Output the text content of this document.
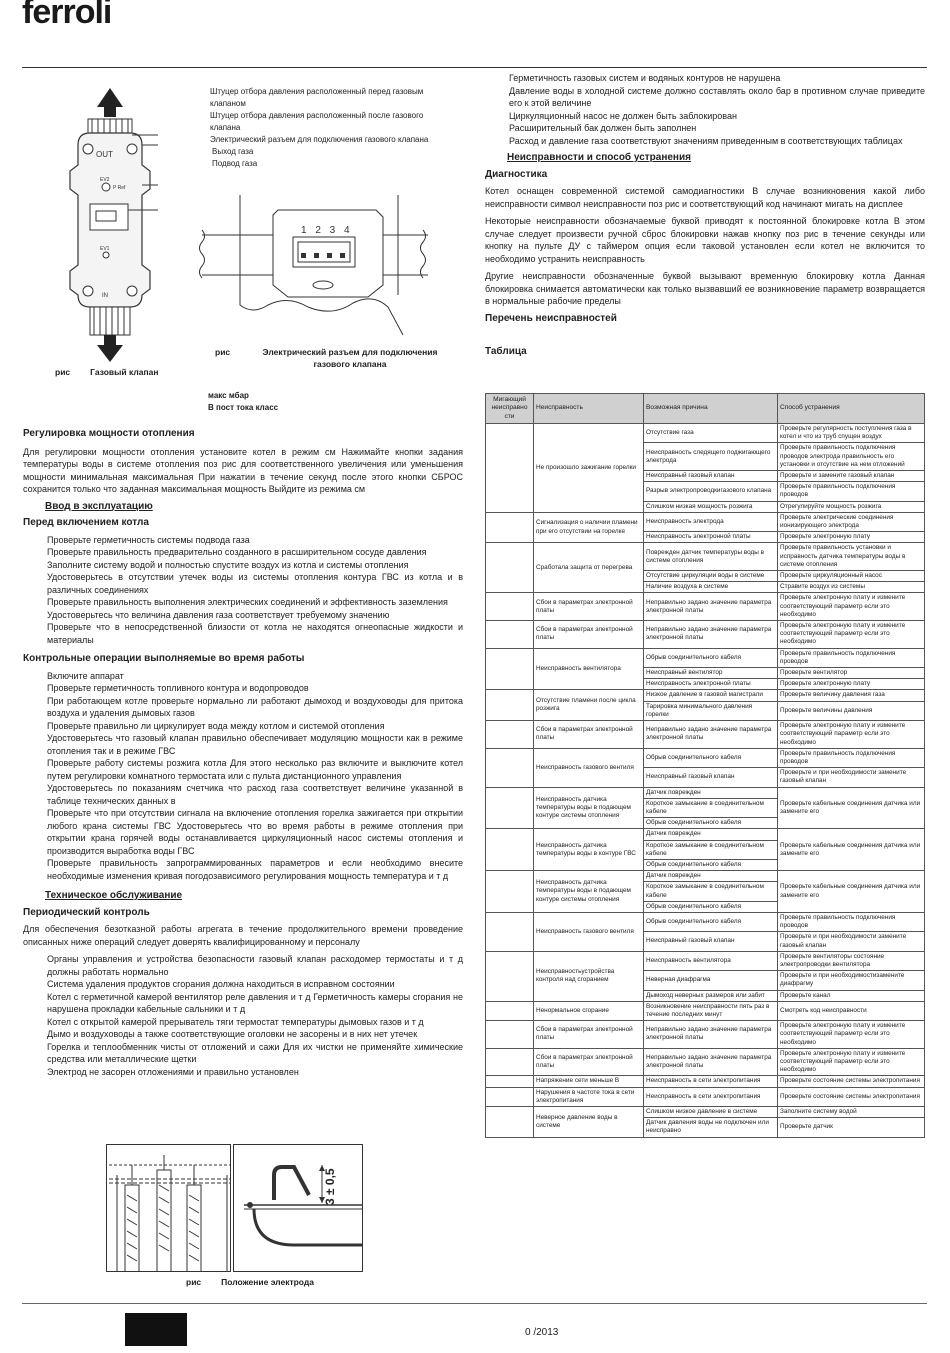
ferroli
OUT
EV2
P Ref
EV1
IN
рис Газовый клапан
Штуцер отбора давления расположенный перед газовым клапаном
Штуцер отбора давления расположенный после газового клапана
Электрический разъем для подключения газового клапана
Выход газа
Подвод газа
1 2 3 4
рис	Электрический разъем для подключения газового клапана
макс мбар
В пост тока класс
Регулировка мощности отопления
Для регулировки мощности отопления установите котел в режим см Нажимайте кнопки задания температуры воды в системе отопления поз рис для соответственного увеличения или уменьшения мощности минимальная максимальная При нажатии в течение секунд после этого кнопки СБРОС сохранится только что заданная максимальная мощность Выйдите из режима см
Ввод в эксплуатацию
Перед включением котла
Проверьте герметичность системы подвода газа
Проверьте правильность предварительно созданного в расширительном сосуде давления
Заполните систему водой и полностью спустите воздух из котла и системы отопления
Удостоверьтесь в отсутствии утечек воды из системы отопления контура ГВС из котла и в различных соединениях
Проверьте правильность выполнения электрических соединений и эффективность заземления
Удостоверьтесь что величина давления газа соответствует требуемому значению
Проверьте что в непосредственной близости от котла не находятся огнеопасные жидкости и материалы
Контрольные операции выполняемые во время работы
Включите аппарат
Проверьте герметичность топливного контура и водопроводов
При работающем котле проверьте нормально ли работают дымоход и воздуховоды для притока воздуха и удаления дымовых газов
Проверьте правильно ли циркулирует вода между котлом и системой отопления
Удостоверьтесь что газовый клапан правильно обеспечивает модуляцию мощности как в режиме отопления так и в режиме ГВС
Проверьте работу системы розжига котла Для этого несколько раз включите и выключите котел путем регулировки комнатного термостата или с пульта дистанционного управления
Удостоверьтесь по показаниям счетчика что расход газа соответствует величине указанной в таблице технических данных в
Проверьте что при отсутствии сигнала на включение отопления горелка зажигается при открытии любого крана системы ГВС Удостоверьтесь что во время работы в режиме отопления при открытии крана горячей воды останавливается циркуляционный насос системы отопления и производится выработка воды ГВС
Проверьте правильность запрограммированных параметров и если необходимо внесите необходимые изменения кривая погодозависимого регулирования мощность температура и т д
Техническое обслуживание
Периодический контроль
Для обеспечения безотказной работы агрегата в течение продолжительного времени проведение описанных ниже операций следует доверять квалифицированному и персоналу
Органы управления и устройства безопасности газовый клапан расходомер термостаты и т д должны работать нормально
Система удаления продуктов сгорания должна находиться в исправном состоянии
Котел с герметичной камерой вентилятор реле давления и т д Герметичность камеры сгорания не нарушена прокладки кабельные сальники и т д
Котел с открытой камерой прерыватель тяги термостат температуры дымовых газов и т д
Дымо и воздуховоды а также соответствующие оголовки не засорены и в них нет утечек
Горелка и теплообменник чисты от отложений и сажи Для их чистки не применяйте химические средства или металлические щетки
Электрод не засорен отложениями и правильно установлен
3 ± 0,5
рис Положение электрода
Герметичность газовых систем и водяных контуров не нарушена
Давление воды в холодной системе должно составлять около бар в противном случае приведите его к этой величине
Циркуляционный насос не должен быть заблокирован
Расширительный бак должен быть заполнен
Расход и давление газа соответствуют значениям приведенным в соответствующих таблицах
Неисправности и способ устранения
Диагностика
Котел оснащен современной системой самодиагностики В случае возникновения какой либо неисправности символ неисправности поз рис и соответствующий код начинают мигать на дисплее
Некоторые неисправности обозначаемые буквой приводят к постоянной блокировке котла В этом случае следует произвести ручной сброс блокировки нажав кнопку поз рис в течение секунды или кнопку на пульте ДУ с таймером опция если таковой установлен если котел не включится то необходимо устранить неисправность
Другие неисправности обозначенные буквой вызывают временную блокировку котла Данная блокировка снимается автоматически как только вызвавший ее возникновение параметр возвращается в нормальные рабочие пределы
Перечень неисправностей
Таблица
Мигающий неисправно сти	Неисправность	Возможная причина	Способ устранения
	Не произошло зажигание горелки	Отсутствие газа	Проверьте регулярность поступления газа в котел и что из труб спущен воздух
		Неисправность следящего поджигающего электрода	Проверьте правильность подключения проводов электрода правильность его установки и отсутствие на нем отложений
		Неисправный газовый клапан	Проверьте и замените газовый клапан
		Разрыв электропроводкигазового клапана	Проверьте правильность подключения проводов
		Слишком низкая мощность розжига	Отрегулируйте мощность розжига
	Сигнализация о наличии пламени при его отсутствии на горелке	Неисправность электрода	Проверьте электрические соединения ионизирующего электрода
		Неисправность электронной платы	Проверьте электронную плату
	Сработала защита от перегрева	Поврежден датчик температуры воды в системе отопления	Проверьте правильность установки и исправность датчика температуры воды в системе отопления
		Отсутствие циркуляции воды в системе	Проверьте циркуляционный насос
		Наличие воздуха в системе	Стравите воздух из системы
	Сбои в параметрах электронной платы	Неправильно задано значение параметра электронной платы	Проверьте электронную плату и измените соответствующий параметр если это необходимо
	Сбои в параметрах электронной платы	Неправильно задано значение параметра электронной платы	Проверьте электронную плату и измените соответствующий параметр если это необходимо
	Неисправность вентилятора	Обрыв соединительного кабеля	Проверьте правильность подключения проводов
		Неисправный вентилятор	Проверьте вентилятор
		Неисправность электронной платы	Проверьте электронную плату
	Отсутствие пламени после цикла розжига	Низкое давление в газовой магистрали	Проверьте величину давления газа
		Тарировка минимального давления горелки	Проверьте величины давления
	Сбои в параметрах электронной платы	Неправильно задано значение параметра электронной платы	Проверьте электронную плату и измените соответствующий параметр если это необходимо
	Неисправность газового вентиля	Обрыв соединительного кабеля	Проверьте правильность подключения проводов
		Неисправный газовый клапан	Проверьте и при необходимости замените газовый клапан
	Неисправность датчика температуры воды в подающем контуре системы отопления	Датчик поврежден	Проверьте кабельные соединения датчика или замените его
		Короткое замыкание в соединительном кабеле	
		Обрыв соединительного кабеля	
	Неисправность датчика температуры воды в контуре ГВС	Датчик поврежден	Проверьте кабельные соединения датчика или замените его
		Короткое замыкание в соединительном кабеле	
		Обрыв соединительного кабеля	
	Неисправность датчика температуры воды в подающем контуре системы отопления	Датчик поврежден	Проверьте кабельные соединения датчика или замените его
		Короткое замыкание в соединительном кабеле	
		Обрыв соединительного кабеля	
	Неисправность газового вентиля	Обрыв соединительного кабеля	Проверьте правильность подключения проводов
		Неисправный газовый клапан	Проверьте и при необходимости замените газовый клапан
	Неисправностьустройства контроля над сгоранием	Неисправность вентилятора	Проверьте вентиляторы состояние электропроводки вентилятора
		Неверная диафрагма	Проверьте и при необходимостизамените диафрагму
		Дымоход неверных размеров или забит	Проверьте канал
	Ненормальное сгорание	Возникновение неисправности пять раз в течение последних минут	Смотреть код неисправности
	Сбои в параметрах электронной платы	Неправильно задано значение параметра электронной платы	Проверьте электронную плату и измените соответствующий параметр если это необходимо
	Сбои в параметрах электронной платы	Неправильно задано значение параметра электронной платы	Проверьте электронную плату и измените соответствующий параметр если это необходимо
	Напряжение сети меньше В	Неисправность в сети электропитания	Проверьте состояние системы электропитания
	Нарушения в частоте тока в сети электропитания	Неисправность в сети электропитания	Проверьте состояние системы электропитания
	Неверное давление воды в системе	Слишком низкое давление в системе	Заполните систему водой
		Датчик давления воды не подключен или неисправно	Проверьте датчик
0 /2013
